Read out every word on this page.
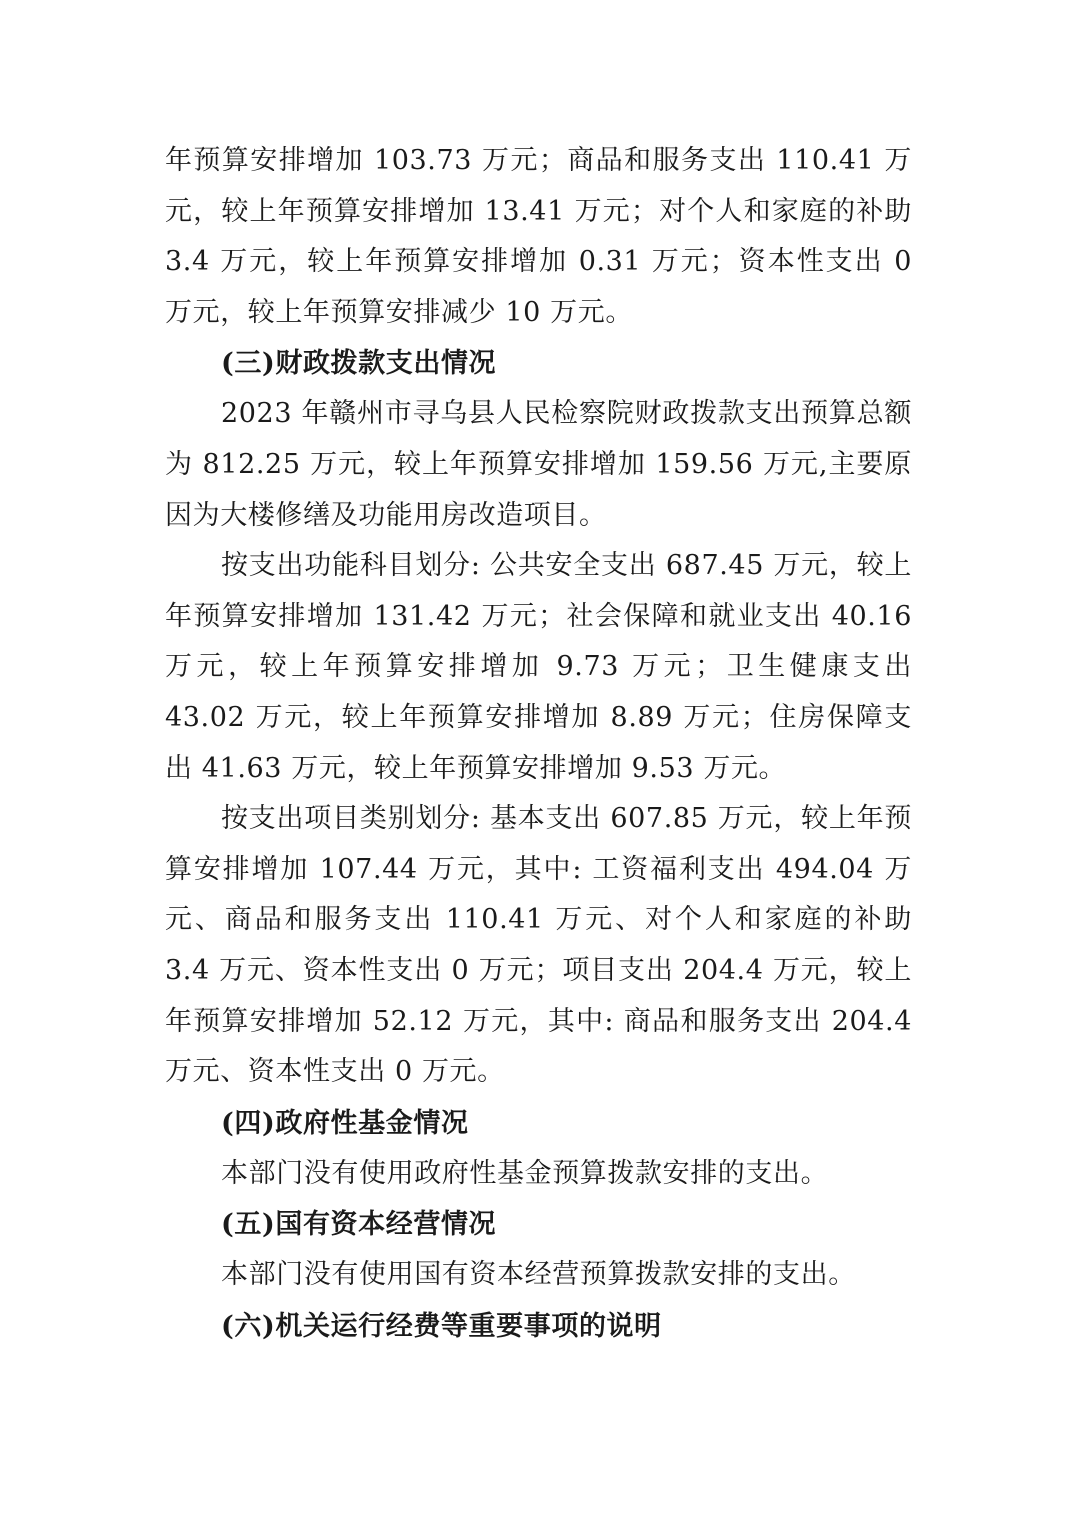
年预算安排增加 103.73 万元；商品和服务支出 110.41 万元，较上年预算安排增加 13.41 万元；对个人和家庭的补助 3.4 万元，较上年预算安排增加 0.31 万元；资本性支出 0 万元，较上年预算安排减少 10 万元。

(三)财政拨款支出情况

2023 年赣州市寻乌县人民检察院财政拨款支出预算总额为 812.25 万元，较上年预算安排增加 159.56 万元,主要原因为大楼修缮及功能用房改造项目。

按支出功能科目划分: 公共安全支出 687.45 万元，较上年预算安排增加 131.42 万元；社会保障和就业支出 40.16 万元，较上年预算安排增加 9.73 万元；卫生健康支出 43.02 万元，较上年预算安排增加 8.89 万元；住房保障支出 41.63 万元，较上年预算安排增加 9.53 万元。

按支出项目类别划分: 基本支出 607.85 万元，较上年预算安排增加 107.44 万元，其中: 工资福利支出 494.04 万元、商品和服务支出 110.41 万元、对个人和家庭的补助 3.4 万元、资本性支出 0 万元；项目支出 204.4 万元，较上年预算安排增加 52.12 万元，其中: 商品和服务支出 204.4 万元、资本性支出 0 万元。

(四)政府性基金情况

本部门没有使用政府性基金预算拨款安排的支出。

(五)国有资本经营情况

本部门没有使用国有资本经营预算拨款安排的支出。

(六)机关运行经费等重要事项的说明
